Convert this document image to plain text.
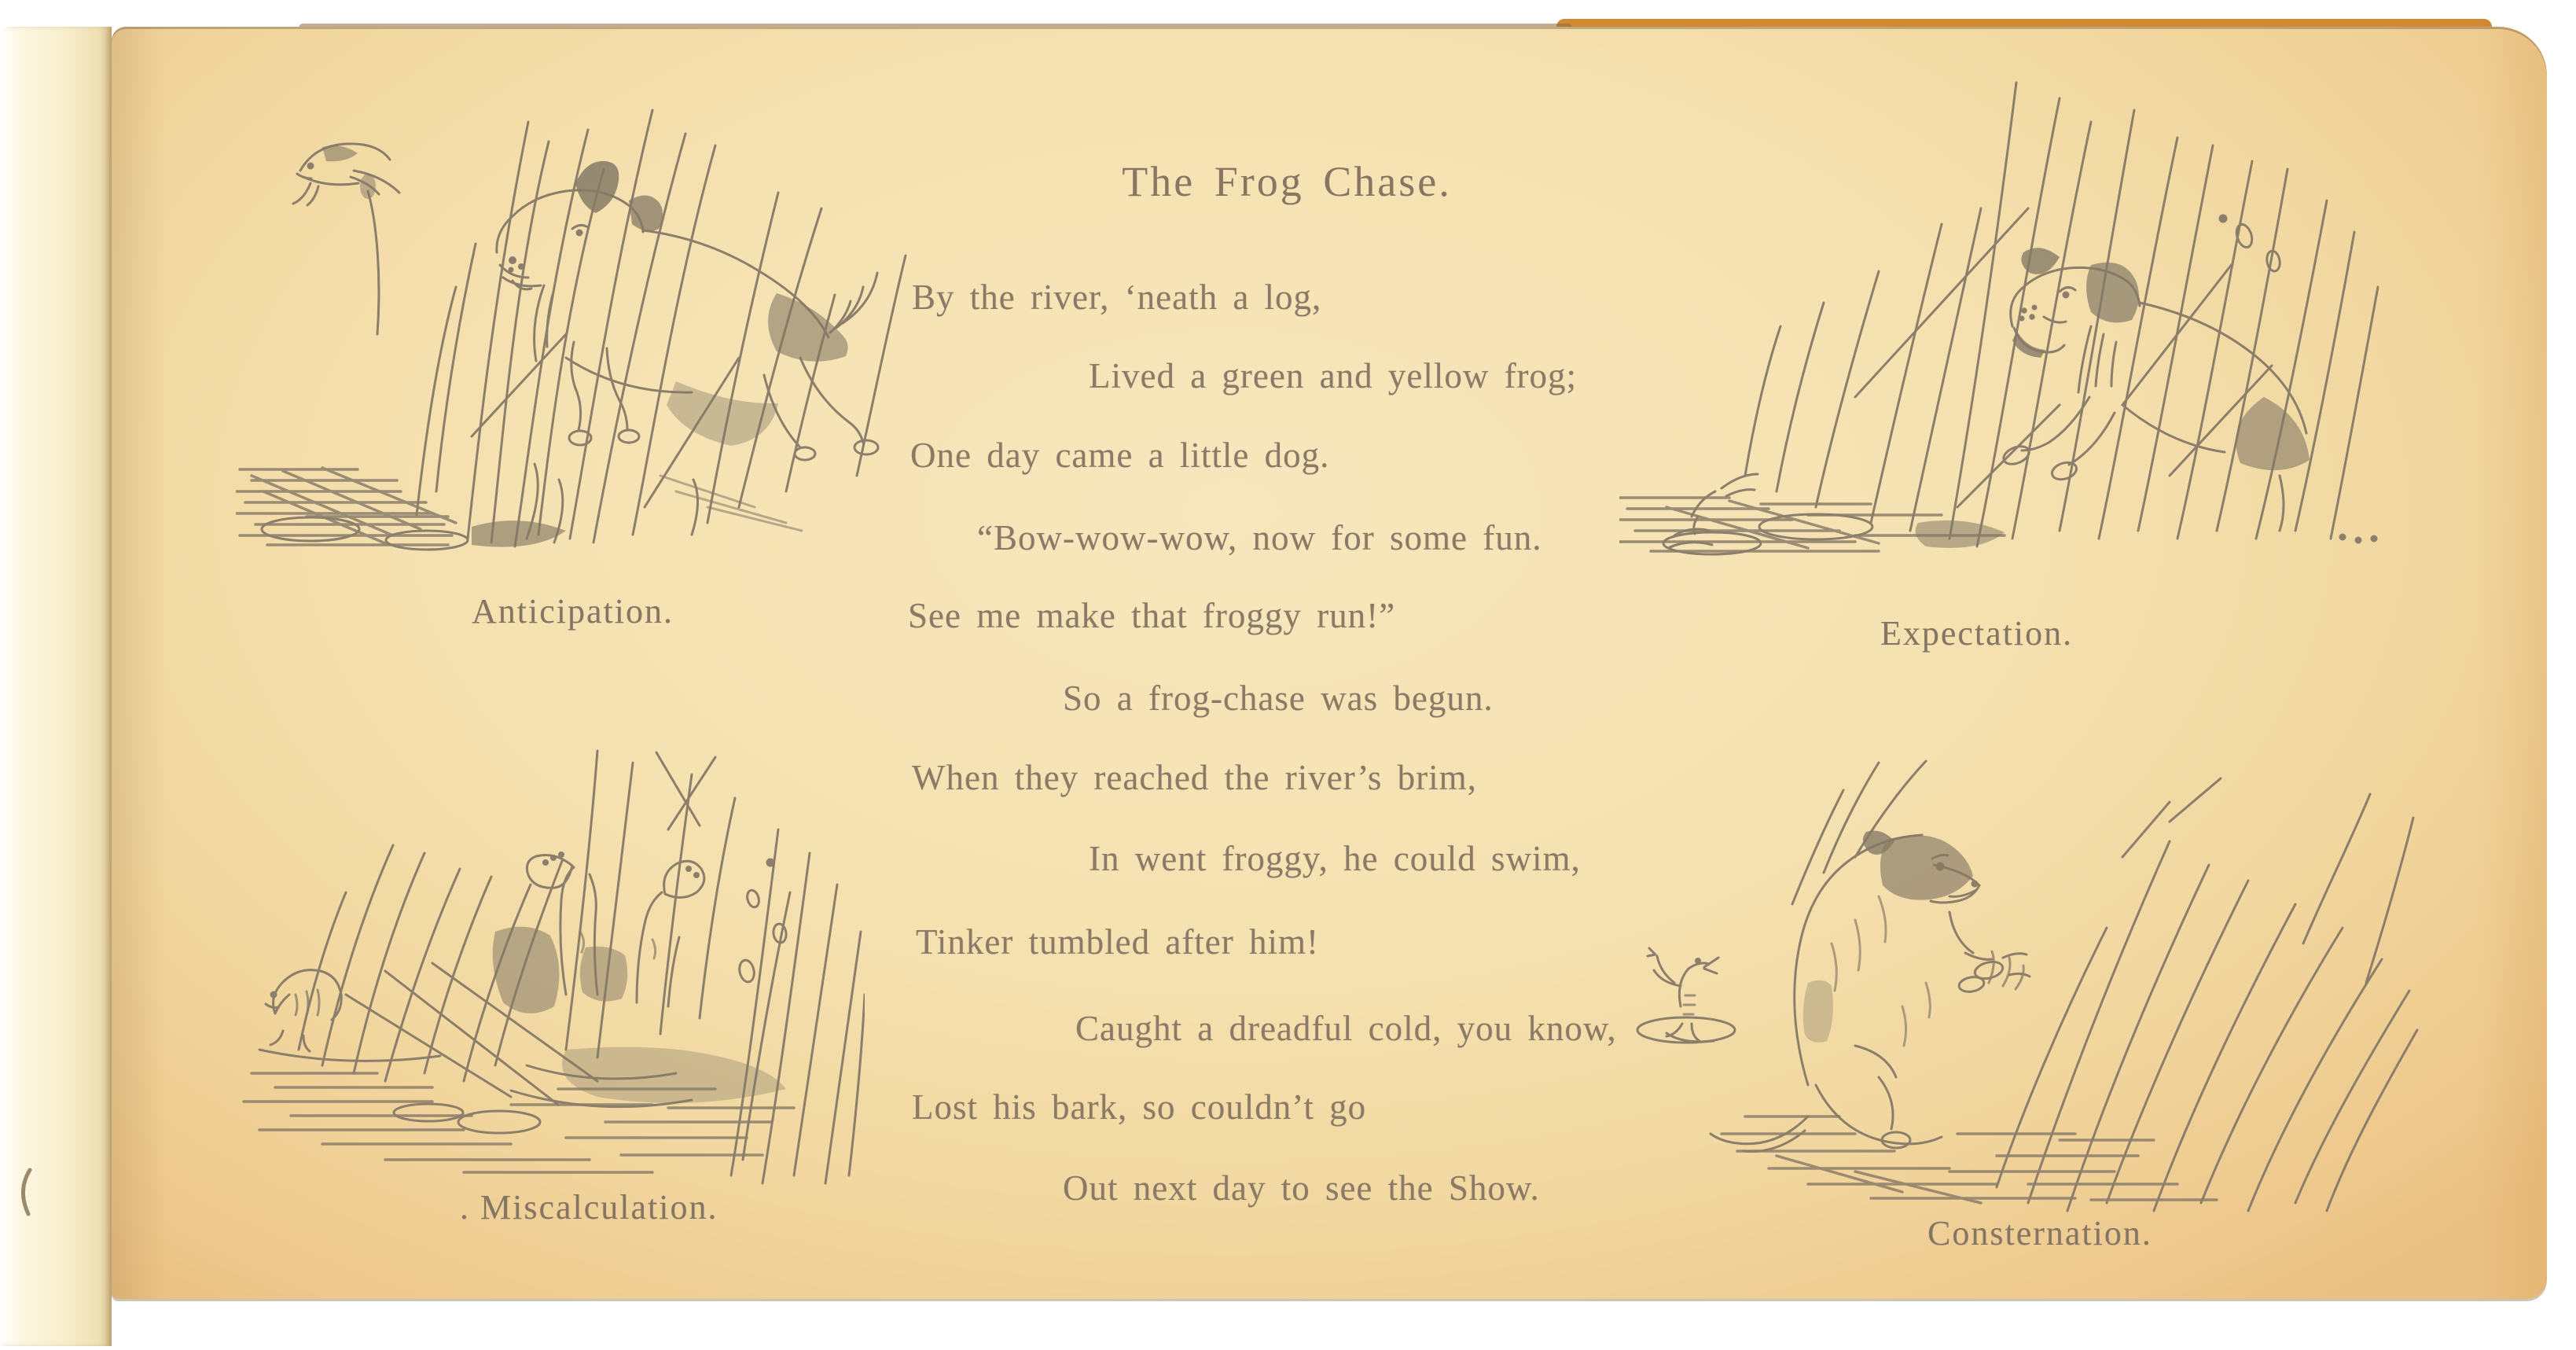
Anticipation.
Expectation.
. Miscalculation.
Consternation.
The Frog Chase.
By the river, ‘neath a log,
Lived a green and yellow frog;
One day came a little dog.
“Bow-wow-wow, now for some fun.
See me make that froggy run!”
So a frog-chase was begun.
When they reached the river’s brim,
In went froggy, he could swim,
Tinker tumbled after him!
Caught a dreadful cold, you know,
Lost his bark, so couldn’t go
Out next day to see the Show.
